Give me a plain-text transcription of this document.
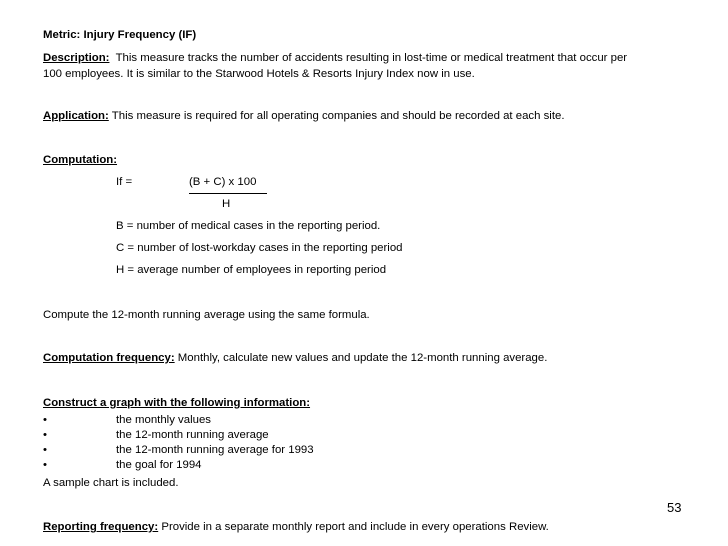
Metric: Injury Frequency (IF)
Description:  This measure tracks the number of accidents resulting in lost-time or medical treatment that occur per
100 employees. It is similar to the Starwood Hotels & Resorts Injury Index now in use.
Application: This measure is required for all operating companies and should be recorded at each site.
Computation:
If =	(B + C) x 100
H
B = number of medical cases in the reporting period.
C = number of lost-workday cases in the reporting period
H = average number of employees in reporting period
Compute the 12-month running average using the same formula.
Computation frequency: Monthly, calculate new values and update the 12-month running average.
Construct a graph with the following information:
•	the monthly values
•	the 12-month running average
•	the 12-month running average for 1993
•	the goal for 1994
A sample chart is included.
53
Reporting frequency: Provide in a separate monthly report and include in every operations Review.
